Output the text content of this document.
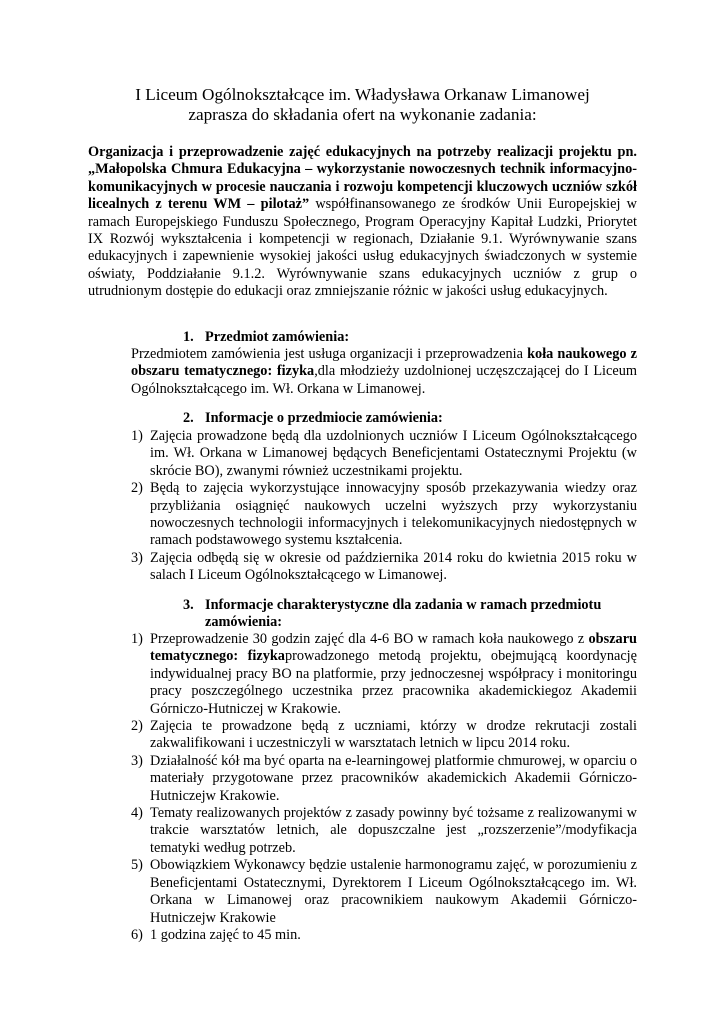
I Liceum Ogólnokształcące im. Władysława Orkanaw Limanowej
zaprasza do składania ofert na wykonanie zadania:
Organizacja i przeprowadzenie zajęć edukacyjnych na potrzeby realizacji projektu pn. „Małopolska Chmura Edukacyjna – wykorzystanie nowoczesnych technik informacyjno-komunikacyjnych w procesie nauczania i rozwoju kompetencji kluczowych uczniów szkół licealnych z terenu WM – pilotaż” współfinansowanego ze środków Unii Europejskiej w ramach Europejskiego Funduszu Społecznego, Program Operacyjny Kapitał Ludzki, Priorytet IX Rozwój wykształcenia i kompetencji w regionach, Działanie 9.1. Wyrównywanie szans edukacyjnych i zapewnienie wysokiej jakości usług edukacyjnych świadczonych w systemie oświaty, Poddziałanie 9.1.2. Wyrównywanie szans edukacyjnych uczniów z grup o utrudnionym dostępie do edukacji oraz zmniejszanie różnic w jakości usług edukacyjnych.
1. Przedmiot zamówienia:
Przedmiotem zamówienia jest usługa organizacji i przeprowadzenia koła naukowego z obszaru tematycznego: fizyka,dla młodzieży uzdolnionej uczęszczającej do I Liceum Ogólnokształcącego im. Wł. Orkana w Limanowej.
2. Informacje o przedmiocie zamówienia:
1) Zajęcia prowadzone będą dla uzdolnionych uczniów I Liceum Ogólnokształcącego im. Wł. Orkana w Limanowej będących Beneficjentami Ostatecznymi Projektu (w skrócie BO), zwanymi również uczestnikami projektu.
2) Będą to zajęcia wykorzystujące innowacyjny sposób przekazywania wiedzy oraz przybliżania osiągnięć naukowych uczelni wyższych przy wykorzystaniu nowoczesnych technologii informacyjnych i telekomunikacyjnych niedostępnych w ramach podstawowego systemu kształcenia.
3) Zajęcia odbędą się w okresie od października 2014 roku do kwietnia 2015 roku w salach I Liceum Ogólnokształcącego w Limanowej.
3. Informacje charakterystyczne dla zadania w ramach przedmiotu zamówienia:
1) Przeprowadzenie 30 godzin zajęć dla 4-6 BO w ramach koła naukowego z obszaru tematycznego: fizykaprowadzonego metodą projektu, obejmującą koordynację indywidualnej pracy BO na platformie, przy jednoczesnej współpracy i monitoringu pracy poszczególnego uczestnika przez pracownika akademickiegoz Akademii Górniczo-Hutniczej w Krakowie.
2) Zajęcia te prowadzone będą z uczniami, którzy w drodze rekrutacji zostali zakwalifikowani i uczestniczyli w warsztatach letnich w lipcu 2014 roku.
3) Działalność kół ma być oparta na e-learningowej platformie chmurowej, w oparciu o materiały przygotowane przez pracowników akademickich Akademii Górniczo-Hutniczejw Krakowie.
4) Tematy realizowanych projektów z zasady powinny być tożsame z realizowanymi w trakcie warsztatów letnich, ale dopuszczalne jest „rozszerzenie”/modyfikacja tematyki według potrzeb.
5) Obowiązkiem Wykonawcy będzie ustalenie harmonogramu zajęć, w porozumieniu z Beneficjentami Ostatecznymi, Dyrektorem I Liceum Ogólnokształcącego im. Wł. Orkana w Limanowej oraz pracownikiem naukowym Akademii Górniczo-Hutniczejw Krakowie
6) 1 godzina zajęć to 45 min.
